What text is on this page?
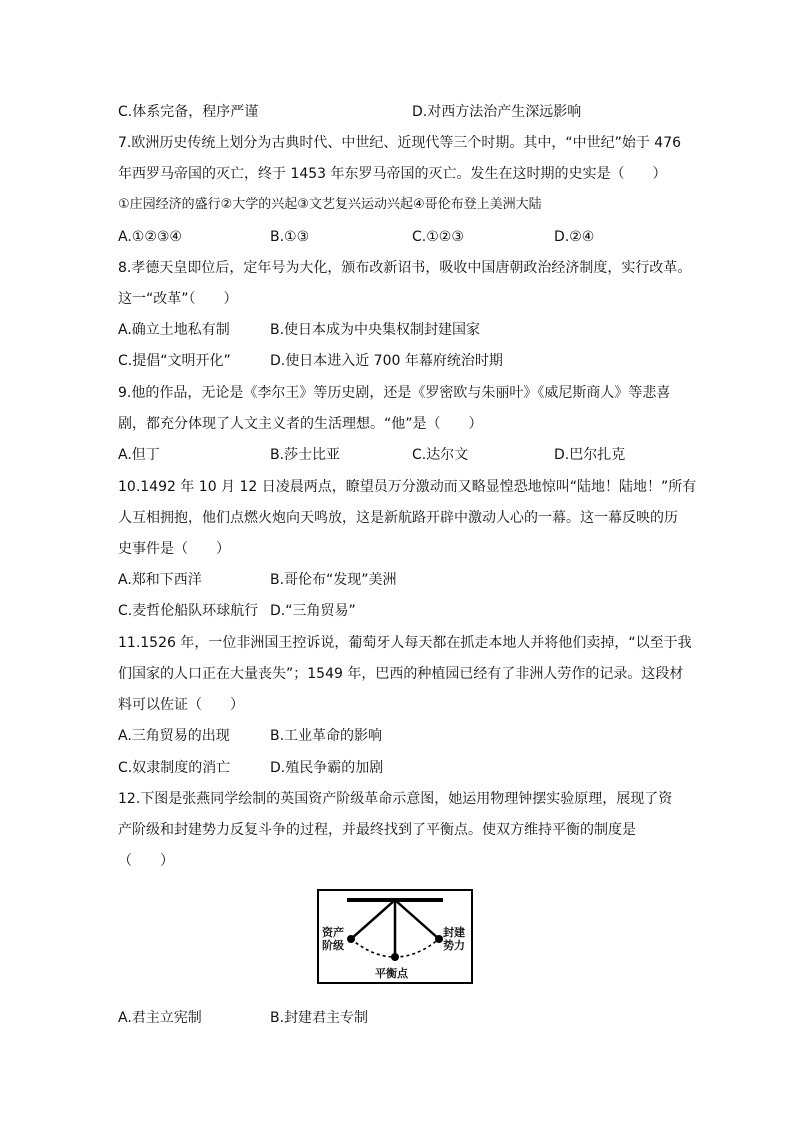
C.体系完备，程序严谨	D.对西方法治产生深远影响
7.欧洲历史传统上划分为古典时代、中世纪、近现代等三个时期。其中，“中世纪”始于 476
年西罗马帝国的灭亡，终于 1453 年东罗马帝国的灭亡。发生在这时期的史实是（　　）
①庄园经济的盛行②大学的兴起③文艺复兴运动兴起④哥伦布登上美洲大陆
A.①②③④	B.①③	C.①②③	D.②④
8.孝德天皇即位后，定年号为大化，颁布改新诏书，吸收中国唐朝政治经济制度，实行改革。
这一“改革”（　　）
A.确立土地私有制	B.使日本成为中央集权制封建国家
C.提倡“文明开化”	D.使日本进入近 700 年幕府统治时期
9.他的作品，无论是《李尔王》等历史剧，还是《罗密欧与朱丽叶》《威尼斯商人》等悲喜
剧，都充分体现了人文主义者的生活理想。“他”是（　　）
A.但丁	B.莎士比亚	C.达尔文	D.巴尔扎克
10.1492 年 10 月 12 日凌晨两点，瞭望员万分激动而又略显惶恐地惊叫“陆地！陆地！”所有
人互相拥抱，他们点燃火炮向天鸣放，这是新航路开辟中激动人心的一幕。这一幕反映的历
史事件是（　　）
A.郑和下西洋	B.哥伦布“发现”美洲
C.麦哲伦船队环球航行 D.“三角贸易”
11.1526 年，一位非洲国王控诉说，葡萄牙人每天都在抓走本地人并将他们卖掉，“以至于我
们国家的人口正在大量丧失”；1549 年，巴西的种植园已经有了非洲人劳作的记录。这段材
料可以佐证（　　）
A.三角贸易的出现	B.工业革命的影响
C.奴隶制度的消亡	D.殖民争霸的加剧
12.下图是张燕同学绘制的英国资产阶级革命示意图，她运用物理钟摆实验原理，展现了资
产阶级和封建势力反复斗争的过程，并最终找到了平衡点。使双方维持平衡的制度是
（　　）
资产
阶级
封建
势力
平衡点
A.君主立宪制	B.封建君主专制
